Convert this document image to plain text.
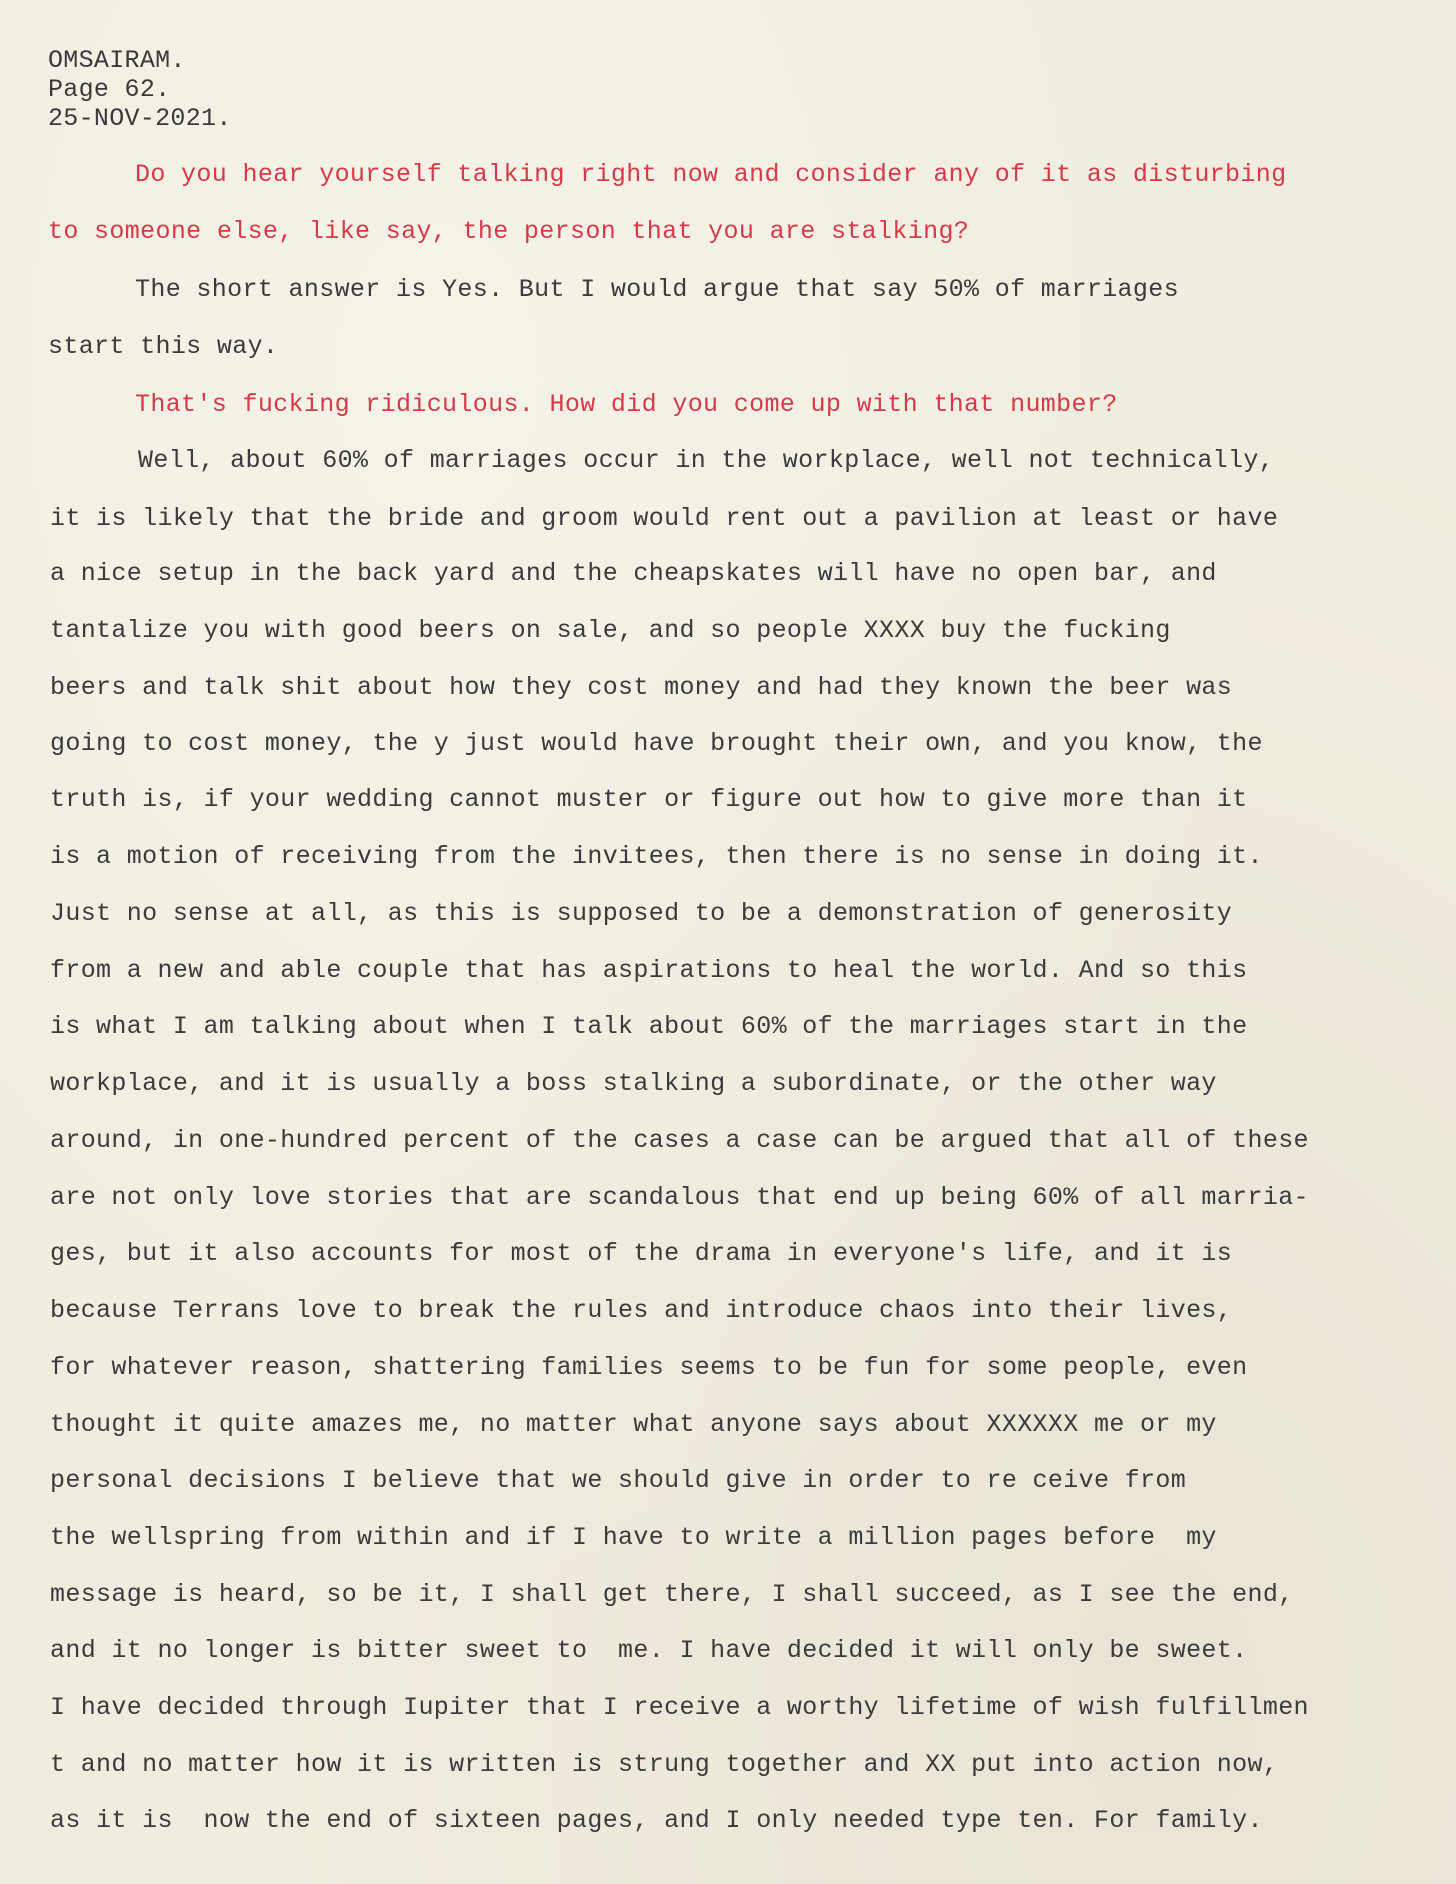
OMSAIRAM.
Page 62.
25-NOV-2021.
Do you hear yourself talking right now and consider any of it as disturbing
to someone else, like say, the person that you are stalking?
The short answer is Yes. But I would argue that say 50% of marriages
start this way.
That's fucking ridiculous. How did you come up with that number?
Well, about 60% of marriages occur in the workplace, well not technically,
it is likely that the bride and groom would rent out a pavilion at least or have
a nice setup in the back yard and the cheapskates will have no open bar, and
tantalize you with good beers on sale, and so people XXXX buy the fucking
beers and talk shit about how they cost money and had they known the beer was
going to cost money, the y just would have brought their own, and you know, the
truth is, if your wedding cannot muster or figure out how to give more than it
is a motion of receiving from the invitees, then there is no sense in doing it.
Just no sense at all, as this is supposed to be a demonstration of generosity
from a new and able couple that has aspirations to heal the world. And so this
is what I am talking about when I talk about 60% of the marriages start in the
workplace, and it is usually a boss stalking a subordinate, or the other way
around, in one-hundred percent of the cases a case can be argued that all of these
are not only love stories that are scandalous that end up being 60% of all marria-
ges, but it also accounts for most of the drama in everyone's life, and it is
because Terrans love to break the rules and introduce chaos into their lives,
for whatever reason, shattering families seems to be fun for some people, even
thought it quite amazes me, no matter what anyone says about XXXXXX me or my
personal decisions I believe that we should give in order to re ceive from
the wellspring from within and if I have to write a million pages before  my
message is heard, so be it, I shall get there, I shall succeed, as I see the end,
and it no longer is bitter sweet to  me. I have decided it will only be sweet.
I have decided through Iupiter that I receive a worthy lifetime of wish fulfillmen
t and no matter how it is written is strung together and XX put into action now,
as it is  now the end of sixteen pages, and I only needed type ten. For family.
